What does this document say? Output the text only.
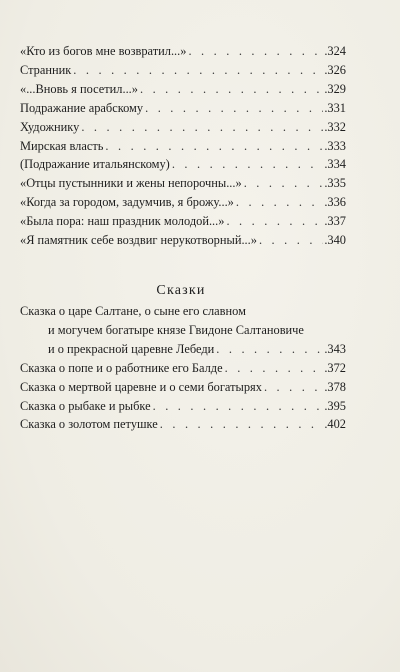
«Кто из богов мне возвратил...» . . .	.324
Странник . . .	.326
«...Вновь я посетил...» . . .	.329
Подражание арабскому . . .	.331
Художнику . . .	.332
Мирская власть . . .	.333
(Подражание итальянскому) . . .	.334
«Отцы пустынники и жены непорочны...» . . .	.335
«Когда за городом, задумчив, я брожу...» . . .	.336
«Была пора: наш праздник молодой...» . . .	.337
«Я памятник себе воздвиг нерукотворный...» . . .	.340
Сказки
Сказка о царе Салтане, о сыне его славном
и могучем богатыре князе Гвидоне Салтановиче
и о прекрасной царевне Лебеди . . .	.343
Сказка о попе и о работнике его Балде . . .	.372
Сказка о мертвой царевне и о семи богатырях . . .	.378
Сказка о рыбаке и рыбке . . .	.395
Сказка о золотом петушке . . .	.402
